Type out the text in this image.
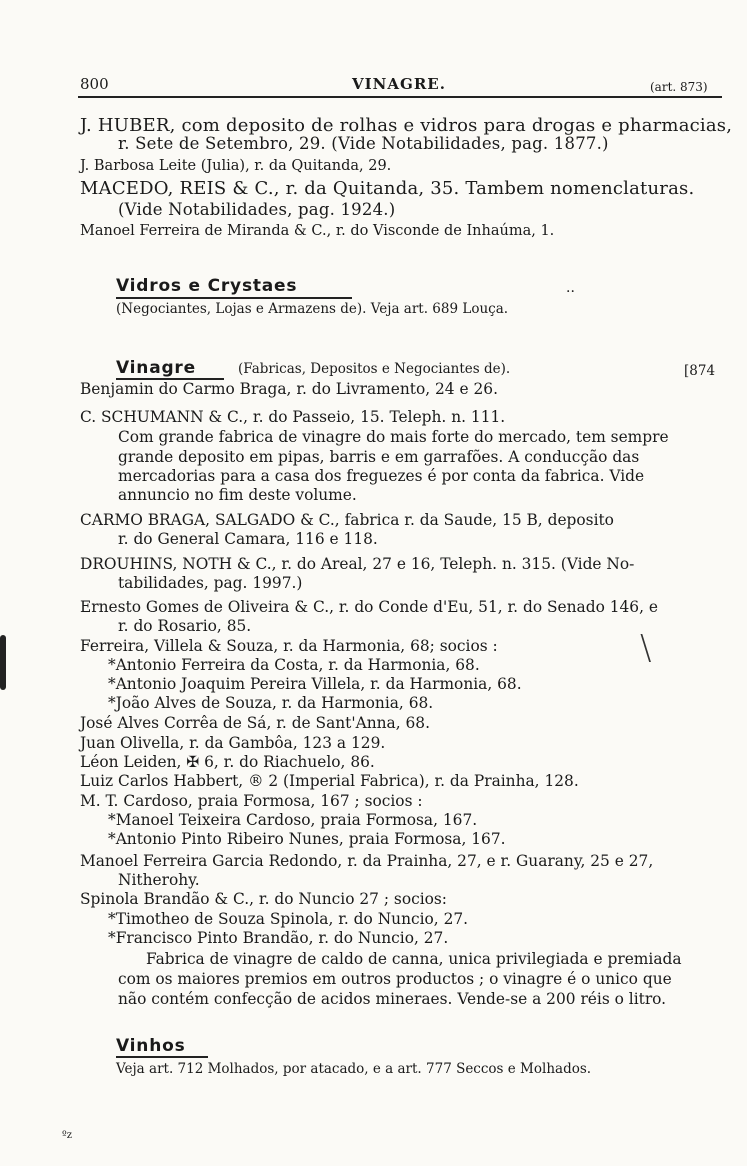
800	VINAGRE.	(art. 873)
J. HUBER, com deposito de rolhas e vidros para drogas e pharmacias,
r. Sete de Setembro, 29. (Vide Notabilidades, pag. 1877.)
J. Barbosa Leite (Julia), r. da Quitanda, 29.
MACEDO, REIS & C., r. da Quitanda, 35. Tambem nomenclaturas.
(Vide Notabilidades, pag. 1924.)
Manoel Ferreira de Miranda & C., r. do Visconde de Inhaúma, 1.
Vidros e Crystaes
(Negociantes, Lojas e Armazens de). Veja art. 689 Louça.
··
Vinagre	(Fabricas, Depositos e Negociantes de).	[874
Benjamin do Carmo Braga, r. do Livramento, 24 e 26.
C. SCHUMANN & C., r. do Passeio, 15. Teleph. n. 111.
Com grande fabrica de vinagre do mais forte do mercado, tem sempre
grande deposito em pipas, barris e em garrafões. A conducção das
mercadorias para a casa dos freguezes é por conta da fabrica. Vide
annuncio no fim deste volume.
CARMO BRAGA, SALGADO & C., fabrica r. da Saude, 15 B, deposito
r. do General Camara, 116 e 118.
DROUHINS, NOTH & C., r. do Areal, 27 e 16, Teleph. n. 315. (Vide No-
tabilidades, pag. 1997.)
Ernesto Gomes de Oliveira & C., r. do Conde d'Eu, 51, r. do Senado 146, e
r. do Rosario, 85.
Ferreira, Villela & Souza, r. da Harmonia, 68; socios :
*Antonio Ferreira da Costa, r. da Harmonia, 68.
*Antonio Joaquim Pereira Villela, r. da Harmonia, 68.
*João Alves de Souza, r. da Harmonia, 68.
José Alves Corrêa de Sá, r. de Sant'Anna, 68.
Juan Olivella, r. da Gambôa, 123 a 129.
Léon Leiden, ✠ 6, r. do Riachuelo, 86.
Luiz Carlos Habbert, ® 2 (Imperial Fabrica), r. da Prainha, 128.
M. T. Cardoso, praia Formosa, 167 ; socios :
*Manoel Teixeira Cardoso, praia Formosa, 167.
*Antonio Pinto Ribeiro Nunes, praia Formosa, 167.
Manoel Ferreira Garcia Redondo, r. da Prainha, 27, e r. Guarany, 25 e 27,
Nitherohy.
Spinola Brandão & C., r. do Nuncio 27 ; socios:
*Timotheo de Souza Spinola, r. do Nuncio, 27.
*Francisco Pinto Brandão, r. do Nuncio, 27.
Fabrica de vinagre de caldo de canna, unica privilegiada e premiada
com os maiores premios em outros productos ; o vinagre é o unico que
não contém confecção de acidos mineraes. Vende-se a 200 réis o litro.
Vinhos
Veja art. 712 Molhados, por atacado, e a art. 777 Seccos e Molhados.
\
ºz
